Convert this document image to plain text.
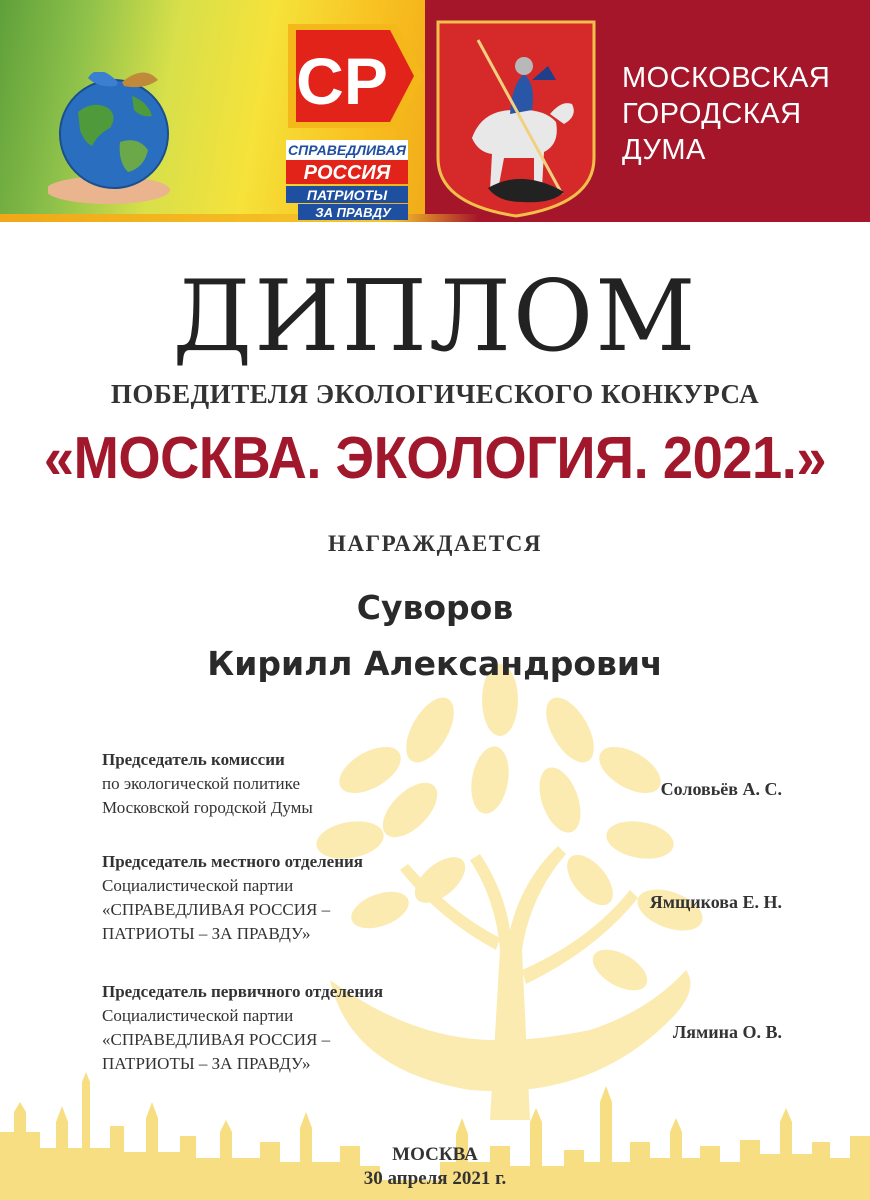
СР
СПРАВЕДЛИВАЯ
РОССИЯ
ПАТРИОТЫ
ЗА ПРАВДУ
МОСКОВСКАЯ
ГОРОДСКАЯ
ДУМА
ДИПЛОМ
ПОБЕДИТЕЛЯ ЭКОЛОГИЧЕСКОГО КОНКУРСА
«МОСКВА. ЭКОЛОГИЯ. 2021.»
НАГРАЖДАЕТСЯ
Суворов
Кирилл Александрович
Председатель комиссии
по экологической политике
Московской городской Думы
Соловьёв А. С.
Председатель местного отделения
Социалистической партии
«СПРАВЕДЛИВАЯ РОССИЯ –
ПАТРИОТЫ – ЗА ПРАВДУ»
Ямщикова Е. Н.
Председатель первичного отделения
Социалистической партии
«СПРАВЕДЛИВАЯ РОССИЯ –
ПАТРИОТЫ – ЗА ПРАВДУ»
Лямина О. В.
МОСКВА
30 апреля 2021 г.
